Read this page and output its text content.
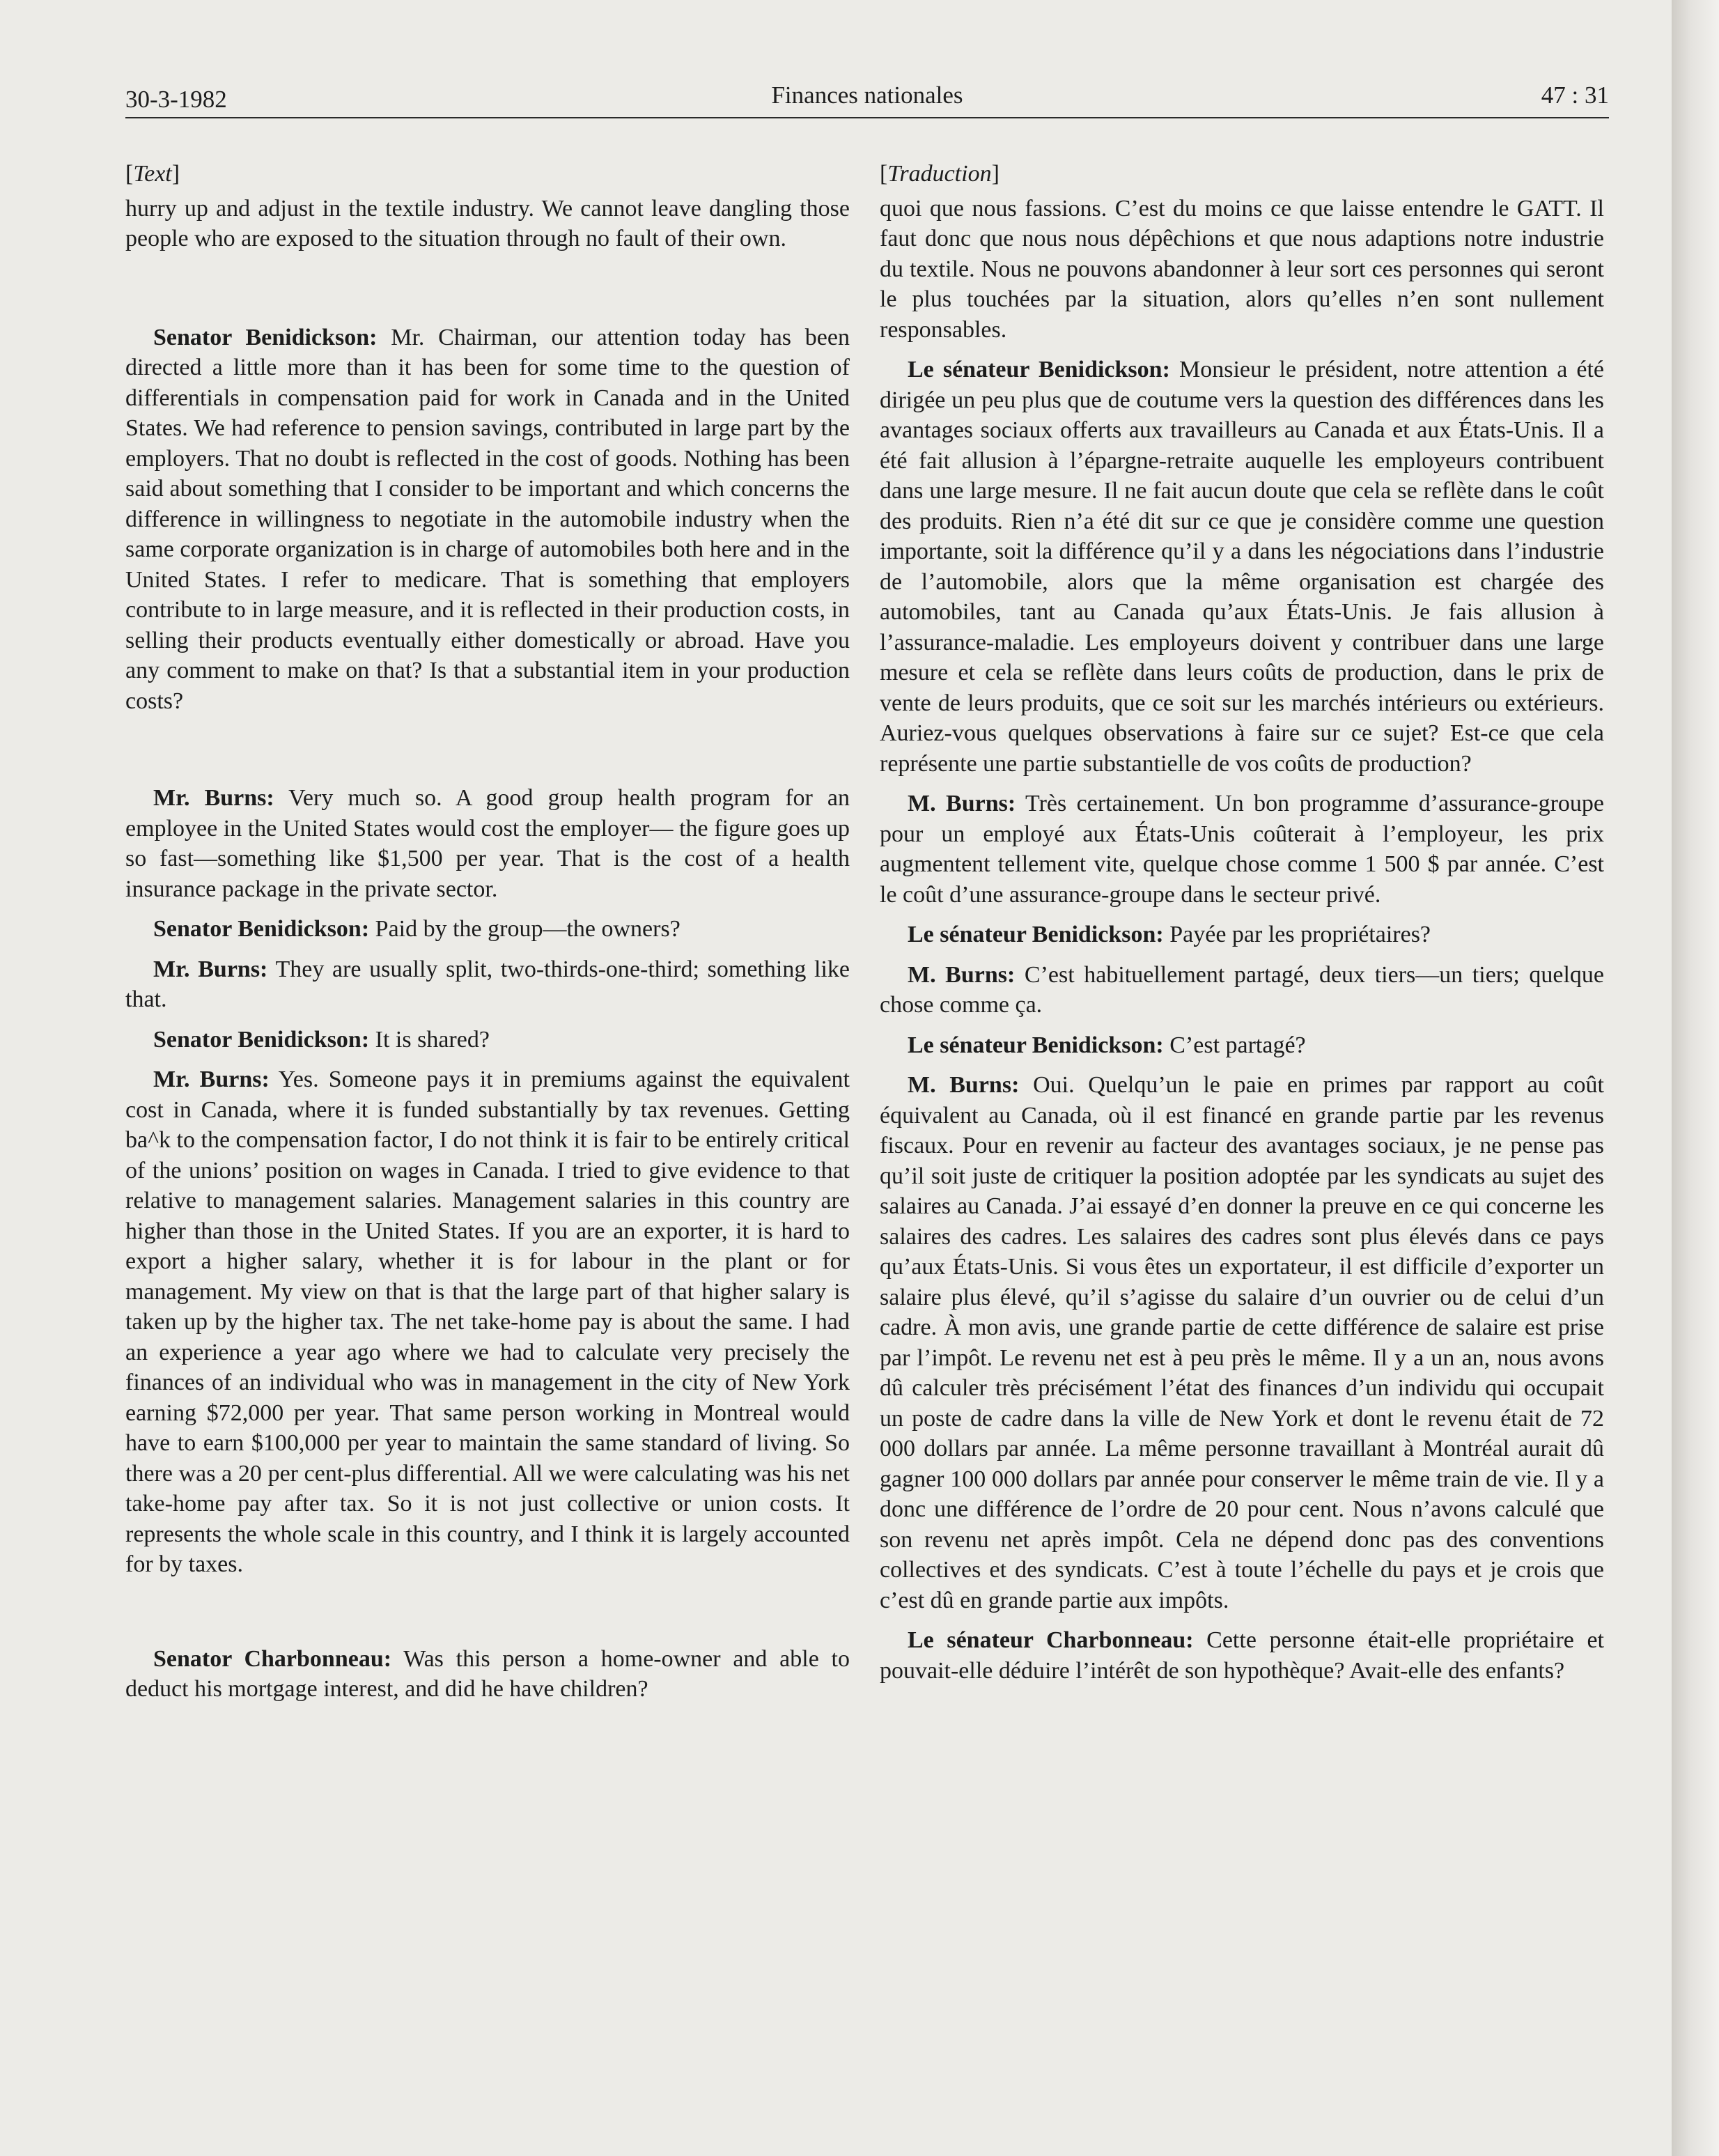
30-3-1982	Finances nationales	47 : 31
[Text]

hurry up and adjust in the textile industry. We cannot leave dangling those people who are exposed to the situation through no fault of their own.

Senator Benidickson: Mr. Chairman, our attention today has been directed a little more than it has been for some time to the question of differentials in compensation paid for work in Canada and in the United States. We had reference to pension savings, contributed in large part by the employers. That no doubt is reflected in the cost of goods. Nothing has been said about something that I consider to be important and which concerns the difference in willingness to negotiate in the automobile industry when the same corporate organization is in charge of automobiles both here and in the United States. I refer to medicare. That is something that employers contribute to in large measure, and it is reflected in their production costs, in selling their products eventually either domestically or abroad. Have you any comment to make on that? Is that a substantial item in your production costs?

Mr. Burns: Very much so. A good group health program for an employee in the United States would cost the employer— the figure goes up so fast—something like $1,500 per year. That is the cost of a health insurance package in the private sector.

Senator Benidickson: Paid by the group—the owners?

Mr. Burns: They are usually split, two-thirds-one-third; something like that.

Senator Benidickson: It is shared?

Mr. Burns: Yes. Someone pays it in premiums against the equivalent cost in Canada, where it is funded substantially by tax revenues. Getting ba^k to the compensation factor, I do not think it is fair to be entirely critical of the unions’ position on wages in Canada. I tried to give evidence to that relative to management salaries. Management salaries in this country are higher than those in the United States. If you are an exporter, it is hard to export a higher salary, whether it is for labour in the plant or for management. My view on that is that the large part of that higher salary is taken up by the higher tax. The net take-home pay is about the same. I had an experience a year ago where we had to calculate very precisely the finances of an individual who was in management in the city of New York earning $72,000 per year. That same person working in Montreal would have to earn $100,000 per year to maintain the same standard of living. So there was a 20 per cent-plus differential. All we were calculating was his net take-home pay after tax. So it is not just collective or union costs. It represents the whole scale in this country, and I think it is largely accounted for by taxes.

Senator Charbonneau: Was this person a home-owner and able to deduct his mortgage interest, and did he have children?

[Traduction]

quoi que nous fassions. C’est du moins ce que laisse entendre le GATT. Il faut donc que nous nous dépêchions et que nous adaptions notre industrie du textile. Nous ne pouvons abandonner à leur sort ces personnes qui seront le plus touchées par la situation, alors qu’elles n’en sont nullement responsables.

Le sénateur Benidickson: Monsieur le président, notre attention a été dirigée un peu plus que de coutume vers la question des différences dans les avantages sociaux offerts aux travailleurs au Canada et aux États-Unis. Il a été fait allusion à l’épargne-retraite auquelle les employeurs contribuent dans une large mesure. Il ne fait aucun doute que cela se reflète dans le coût des produits. Rien n’a été dit sur ce que je considère comme une question importante, soit la différence qu’il y a dans les négociations dans l’industrie de l’automobile, alors que la même organisation est chargée des automobiles, tant au Canada qu’aux États-Unis. Je fais allusion à l’assurance-maladie. Les employeurs doivent y contribuer dans une large mesure et cela se reflète dans leurs coûts de production, dans le prix de vente de leurs produits, que ce soit sur les marchés intérieurs ou extérieurs. Auriez-vous quelques observations à faire sur ce sujet? Est-ce que cela représente une partie substantielle de vos coûts de production?

M. Burns: Très certainement. Un bon programme d’assurance-groupe pour un employé aux États-Unis coûterait à l’employeur, les prix augmentent tellement vite, quelque chose comme 1 500 $ par année. C’est le coût d’une assurance-groupe dans le secteur privé.

Le sénateur Benidickson: Payée par les propriétaires?

M. Burns: C’est habituellement partagé, deux tiers—un tiers; quelque chose comme ça.

Le sénateur Benidickson: C’est partagé?

M. Burns: Oui. Quelqu’un le paie en primes par rapport au coût équivalent au Canada, où il est financé en grande partie par les revenus fiscaux. Pour en revenir au facteur des avantages sociaux, je ne pense pas qu’il soit juste de critiquer la position adoptée par les syndicats au sujet des salaires au Canada. J’ai essayé d’en donner la preuve en ce qui concerne les salaires des cadres. Les salaires des cadres sont plus élevés dans ce pays qu’aux États-Unis. Si vous êtes un exportateur, il est difficile d’exporter un salaire plus élevé, qu’il s’agisse du salaire d’un ouvrier ou de celui d’un cadre. À mon avis, une grande partie de cette différence de salaire est prise par l’impôt. Le revenu net est à peu près le même. Il y a un an, nous avons dû calculer très précisément l’état des finances d’un individu qui occupait un poste de cadre dans la ville de New York et dont le revenu était de 72 000 dollars par année. La même personne travaillant à Montréal aurait dû gagner 100 000 dollars par année pour conserver le même train de vie. Il y a donc une différence de l’ordre de 20 pour cent. Nous n’avons calculé que son revenu net après impôt. Cela ne dépend donc pas des conventions collectives et des syndicats. C’est à toute l’échelle du pays et je crois que c’est dû en grande partie aux impôts.

Le sénateur Charbonneau: Cette personne était-elle propriétaire et pouvait-elle déduire l’intérêt de son hypothèque? Avait-elle des enfants?
